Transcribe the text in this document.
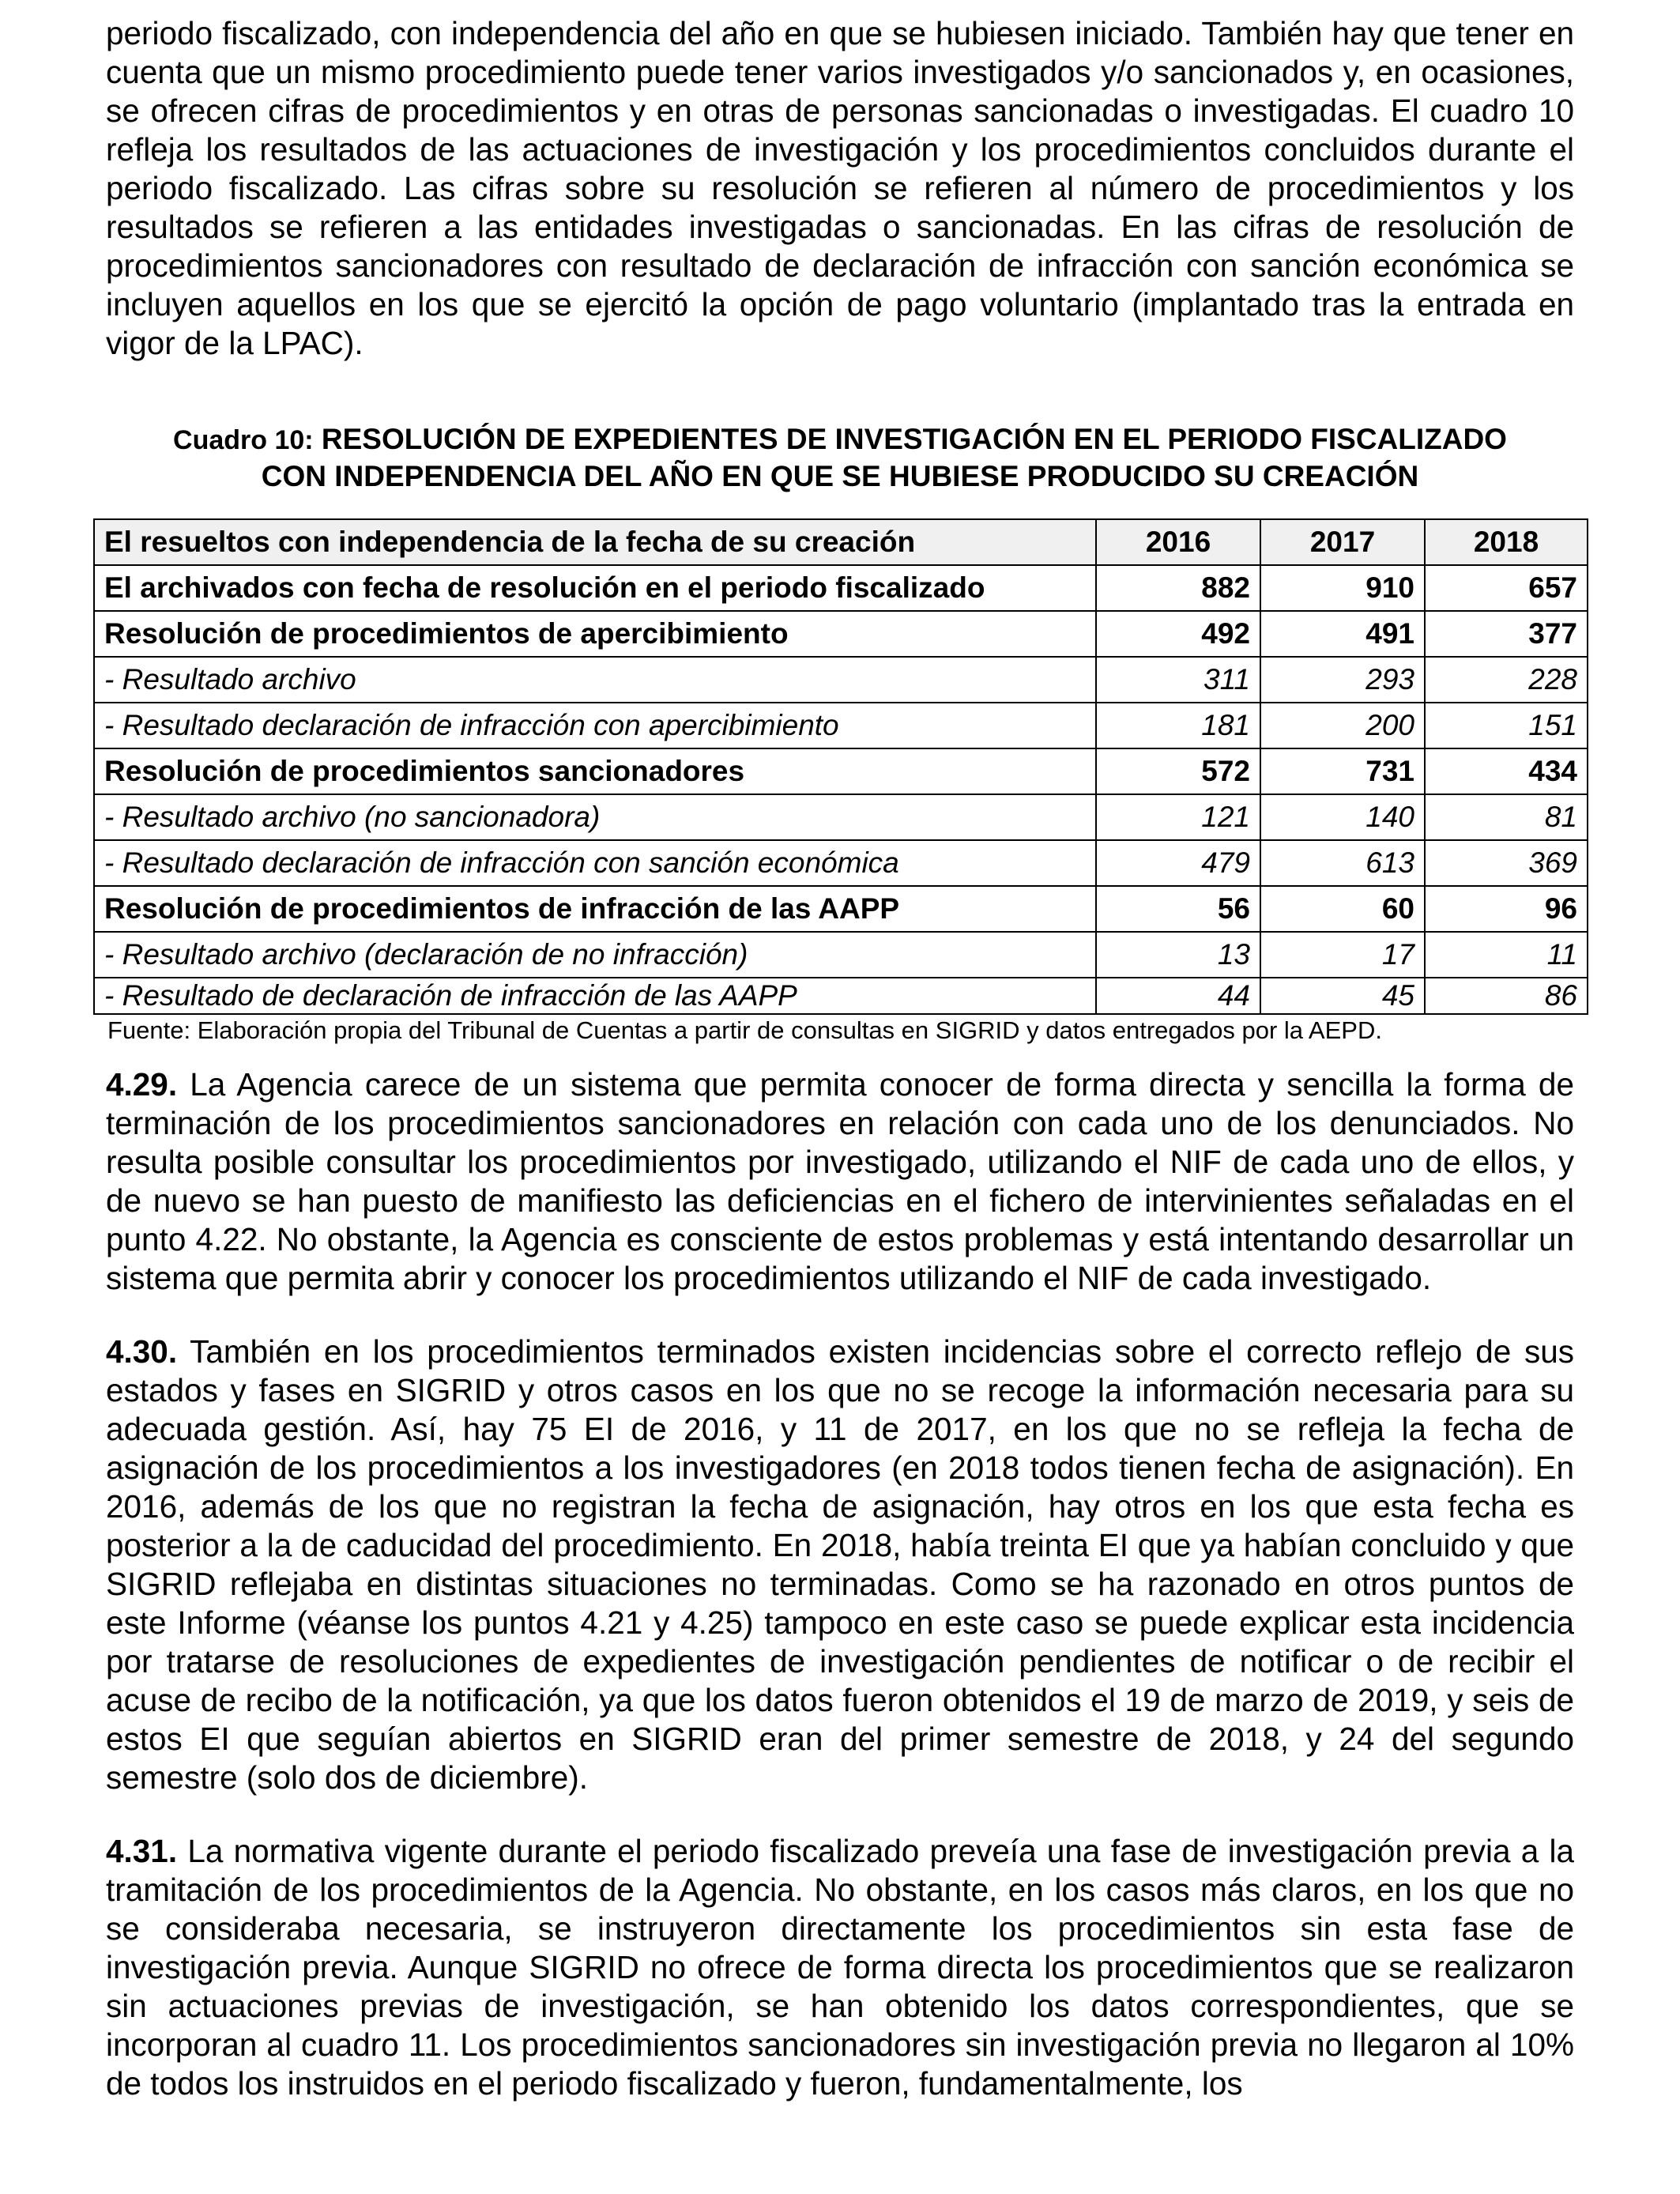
periodo fiscalizado, con independencia del año en que se hubiesen iniciado. También hay que tener en cuenta que un mismo procedimiento puede tener varios investigados y/o sancionados y, en ocasiones, se ofrecen cifras de procedimientos y en otras de personas sancionadas o investigadas. El cuadro 10 refleja los resultados de las actuaciones de investigación y los procedimientos concluidos durante el periodo fiscalizado. Las cifras sobre su resolución se refieren al número de procedimientos y los resultados se refieren a las entidades investigadas o sancionadas. En las cifras de resolución de procedimientos sancionadores con resultado de declaración de infracción con sanción económica se incluyen aquellos en los que se ejercitó la opción de pago voluntario (implantado tras la entrada en vigor de la LPAC).

Cuadro 10: RESOLUCIÓN DE EXPEDIENTES DE INVESTIGACIÓN EN EL PERIODO FISCALIZADO
CON INDEPENDENCIA DEL AÑO EN QUE SE HUBIESE PRODUCIDO SU CREACIÓN
El resueltos con independencia de la fecha de su creación	2016	2017	2018
El archivados con fecha de resolución en el periodo fiscalizado	882	910	657
Resolución de procedimientos de apercibimiento	492	491	377
- Resultado archivo	311	293	228
- Resultado declaración de infracción con apercibimiento	181	200	151
Resolución de procedimientos sancionadores	572	731	434
- Resultado archivo (no sancionadora)	121	140	81
- Resultado declaración de infracción con sanción económica	479	613	369
Resolución de procedimientos de infracción de las AAPP	56	60	96
- Resultado archivo (declaración de no infracción)	13	17	11
- Resultado de declaración de infracción de las AAPP	44	45	86
Fuente: Elaboración propia del Tribunal de Cuentas a partir de consultas en SIGRID y datos entregados por la AEPD.

4.29. La Agencia carece de un sistema que permita conocer de forma directa y sencilla la forma de terminación de los procedimientos sancionadores en relación con cada uno de los denunciados. No resulta posible consultar los procedimientos por investigado, utilizando el NIF de cada uno de ellos, y de nuevo se han puesto de manifiesto las deficiencias en el fichero de intervinientes señaladas en el punto 4.22. No obstante, la Agencia es consciente de estos problemas y está intentando desarrollar un sistema que permita abrir y conocer los procedimientos utilizando el NIF de cada investigado.

4.30. También en los procedimientos terminados existen incidencias sobre el correcto reflejo de sus estados y fases en SIGRID y otros casos en los que no se recoge la información necesaria para su adecuada gestión. Así, hay 75 EI de 2016, y 11 de 2017, en los que no se refleja la fecha de asignación de los procedimientos a los investigadores (en 2018 todos tienen fecha de asignación). En 2016, además de los que no registran la fecha de asignación, hay otros en los que esta fecha es posterior a la de caducidad del procedimiento. En 2018, había treinta EI que ya habían concluido y que SIGRID reflejaba en distintas situaciones no terminadas. Como se ha razonado en otros puntos de este Informe (véanse los puntos 4.21 y 4.25) tampoco en este caso se puede explicar esta incidencia por tratarse de resoluciones de expedientes de investigación pendientes de notificar o de recibir el acuse de recibo de la notificación, ya que los datos fueron obtenidos el 19 de marzo de 2019, y seis de estos EI que seguían abiertos en SIGRID eran del primer semestre de 2018, y 24 del segundo semestre (solo dos de diciembre).

4.31. La normativa vigente durante el periodo fiscalizado preveía una fase de investigación previa a la tramitación de los procedimientos de la Agencia. No obstante, en los casos más claros, en los que no se consideraba necesaria, se instruyeron directamente los procedimientos sin esta fase de investigación previa. Aunque SIGRID no ofrece de forma directa los procedimientos que se realizaron sin actuaciones previas de investigación, se han obtenido los datos correspondientes, que se incorporan al cuadro 11. Los procedimientos sancionadores sin investigación previa no llegaron al 10% de todos los instruidos en el periodo fiscalizado y fueron, fundamentalmente, los
